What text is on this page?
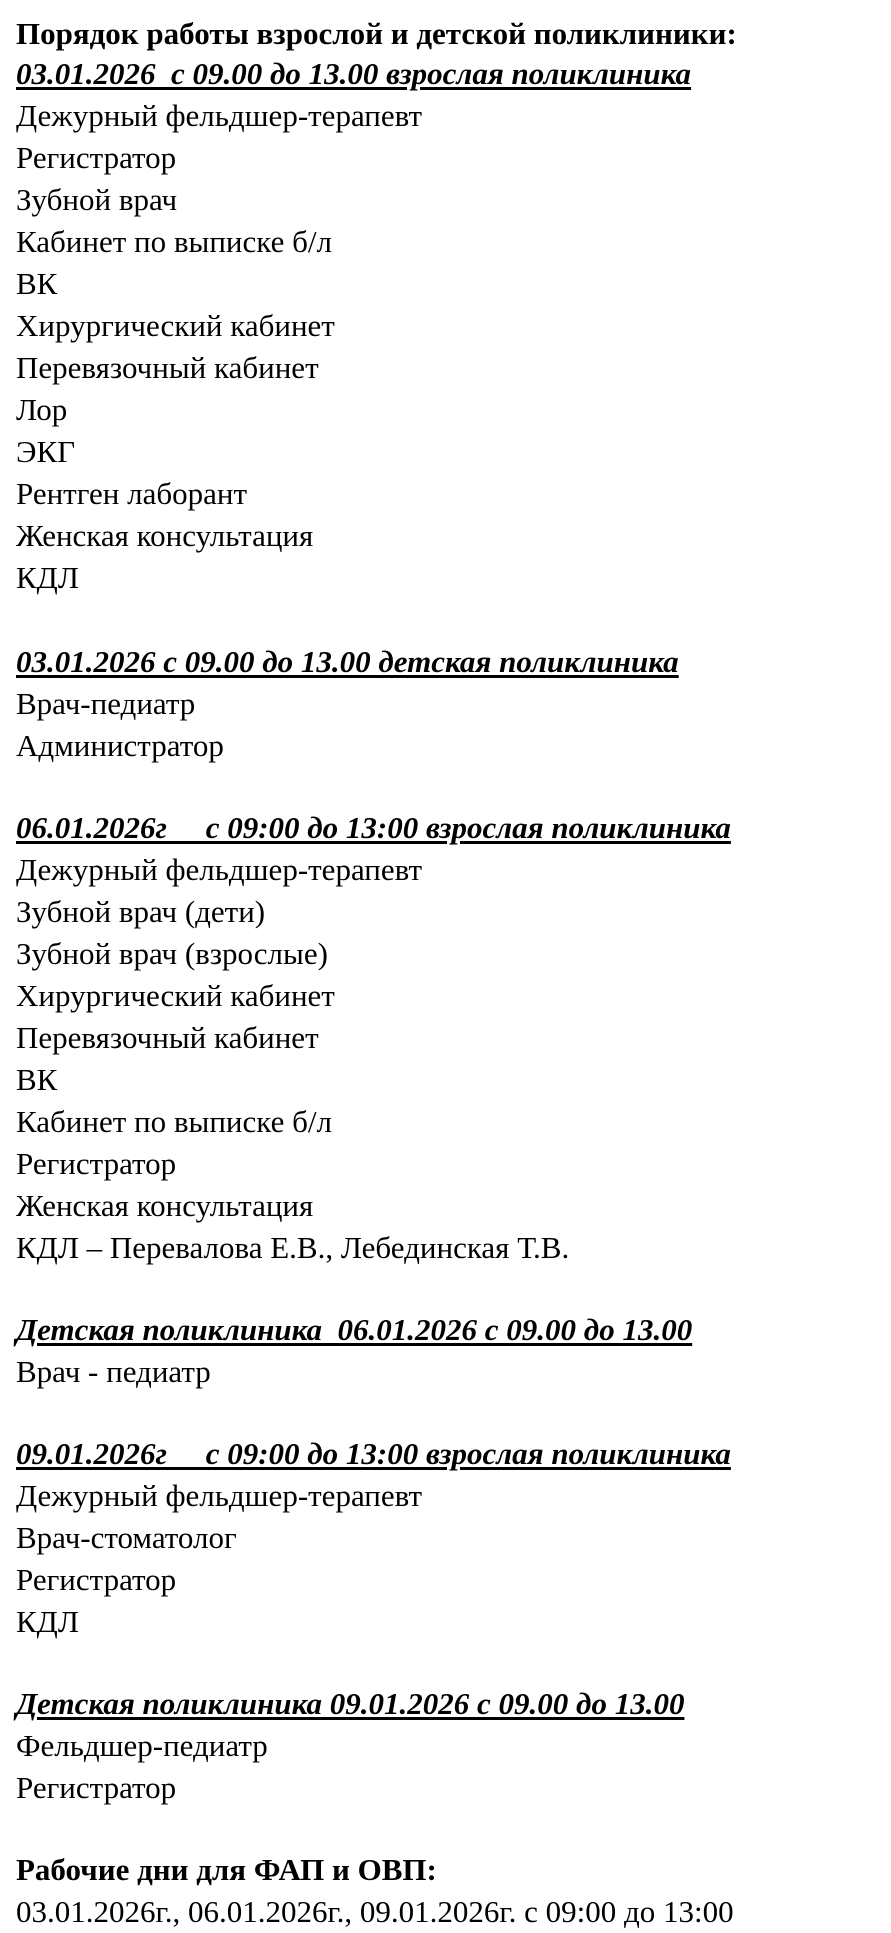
Порядок работы взрослой и детской поликлиники:

03.01.2026  с 09.00 до 13.00 взрослая поликлиника

Дежурный фельдшер-терапевт

Регистратор

Зубной врач

Кабинет по выписке б/л

ВК

Хирургический кабинет

Перевязочный кабинет

Лор

ЭКГ

Рентген лаборант

Женская консультация

КДЛ

03.01.2026 с 09.00 до 13.00 детская поликлиника

Врач-педиатр

Администратор

06.01.2026г     с 09:00 до 13:00 взрослая поликлиника

Дежурный фельдшер-терапевт

Зубной врач (дети)

Зубной врач (взрослые)

Хирургический кабинет

Перевязочный кабинет

ВК

Кабинет по выписке б/л

Регистратор

Женская консультация

КДЛ – Перевалова Е.В., Лебединская Т.В.

Детская поликлиника  06.01.2026 с 09.00 до 13.00

Врач - педиатр

09.01.2026г     с 09:00 до 13:00 взрослая поликлиника

Дежурный фельдшер-терапевт

Врач-стоматолог

Регистратор

КДЛ

Детская поликлиника 09.01.2026 с 09.00 до 13.00

Фельдшер-педиатр

Регистратор

Рабочие дни для ФАП и ОВП:

03.01.2026г., 06.01.2026г., 09.01.2026г. с 09:00 до 13:00
